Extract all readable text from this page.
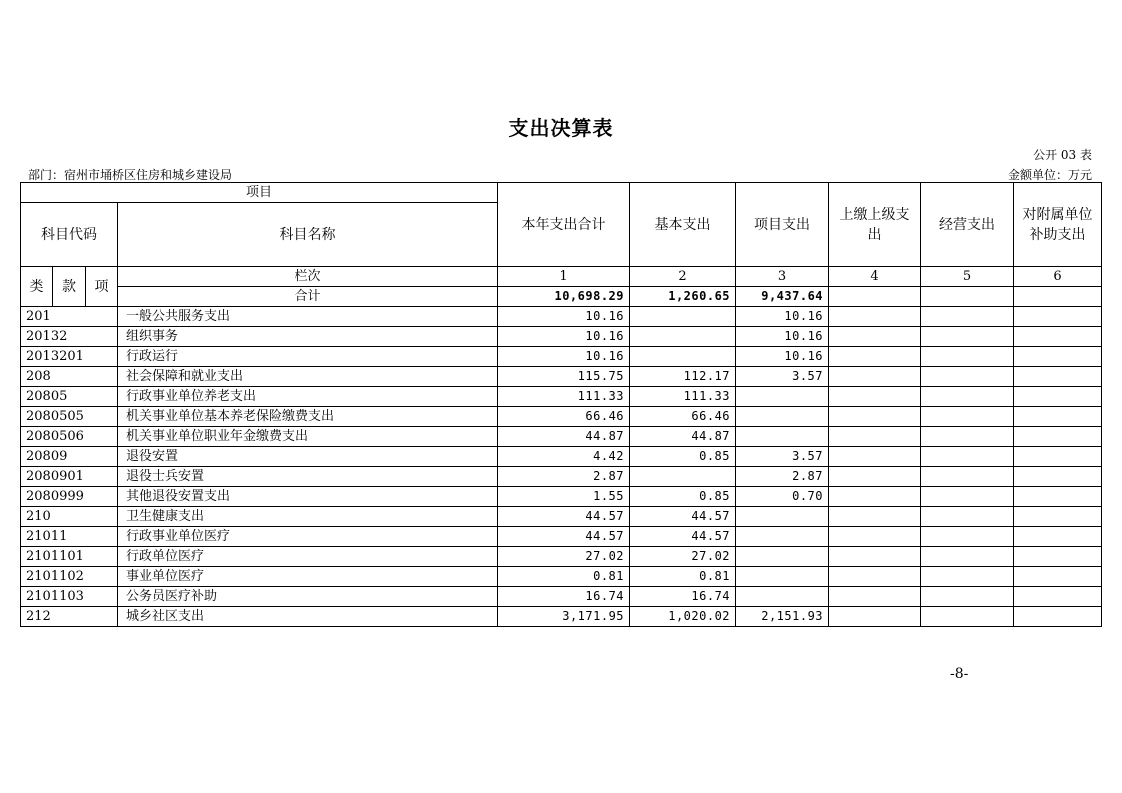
支出决算表
公开 03 表
部门：宿州市埇桥区住房和城乡建设局	金额单位：万元
项目				本年支出合计	基本支出	项目支出	上缴上级支出	经营支出	对附属单位补助支出
科目代码			科目名称						
类	款	项	栏次	1	2	3	4	5	6
			合计	10,698.29	1,260.65	9,437.64			
201			一般公共服务支出	10.16		10.16			
20132			组织事务	10.16		10.16			
2013201			行政运行	10.16		10.16			
208			社会保障和就业支出	115.75	112.17	3.57			
20805			行政事业单位养老支出	111.33	111.33				
2080505			机关事业单位基本养老保险缴费支出	66.46	66.46				
2080506			机关事业单位职业年金缴费支出	44.87	44.87				
20809			退役安置	4.42	0.85	3.57			
2080901			退役士兵安置	2.87		2.87			
2080999			其他退役安置支出	1.55	0.85	0.70			
210			卫生健康支出	44.57	44.57				
21011			行政事业单位医疗	44.57	44.57				
2101101			行政单位医疗	27.02	27.02				
2101102			事业单位医疗	0.81	0.81				
2101103			公务员医疗补助	16.74	16.74				
212			城乡社区支出	3,171.95	1,020.02	2,151.93			
-8-
